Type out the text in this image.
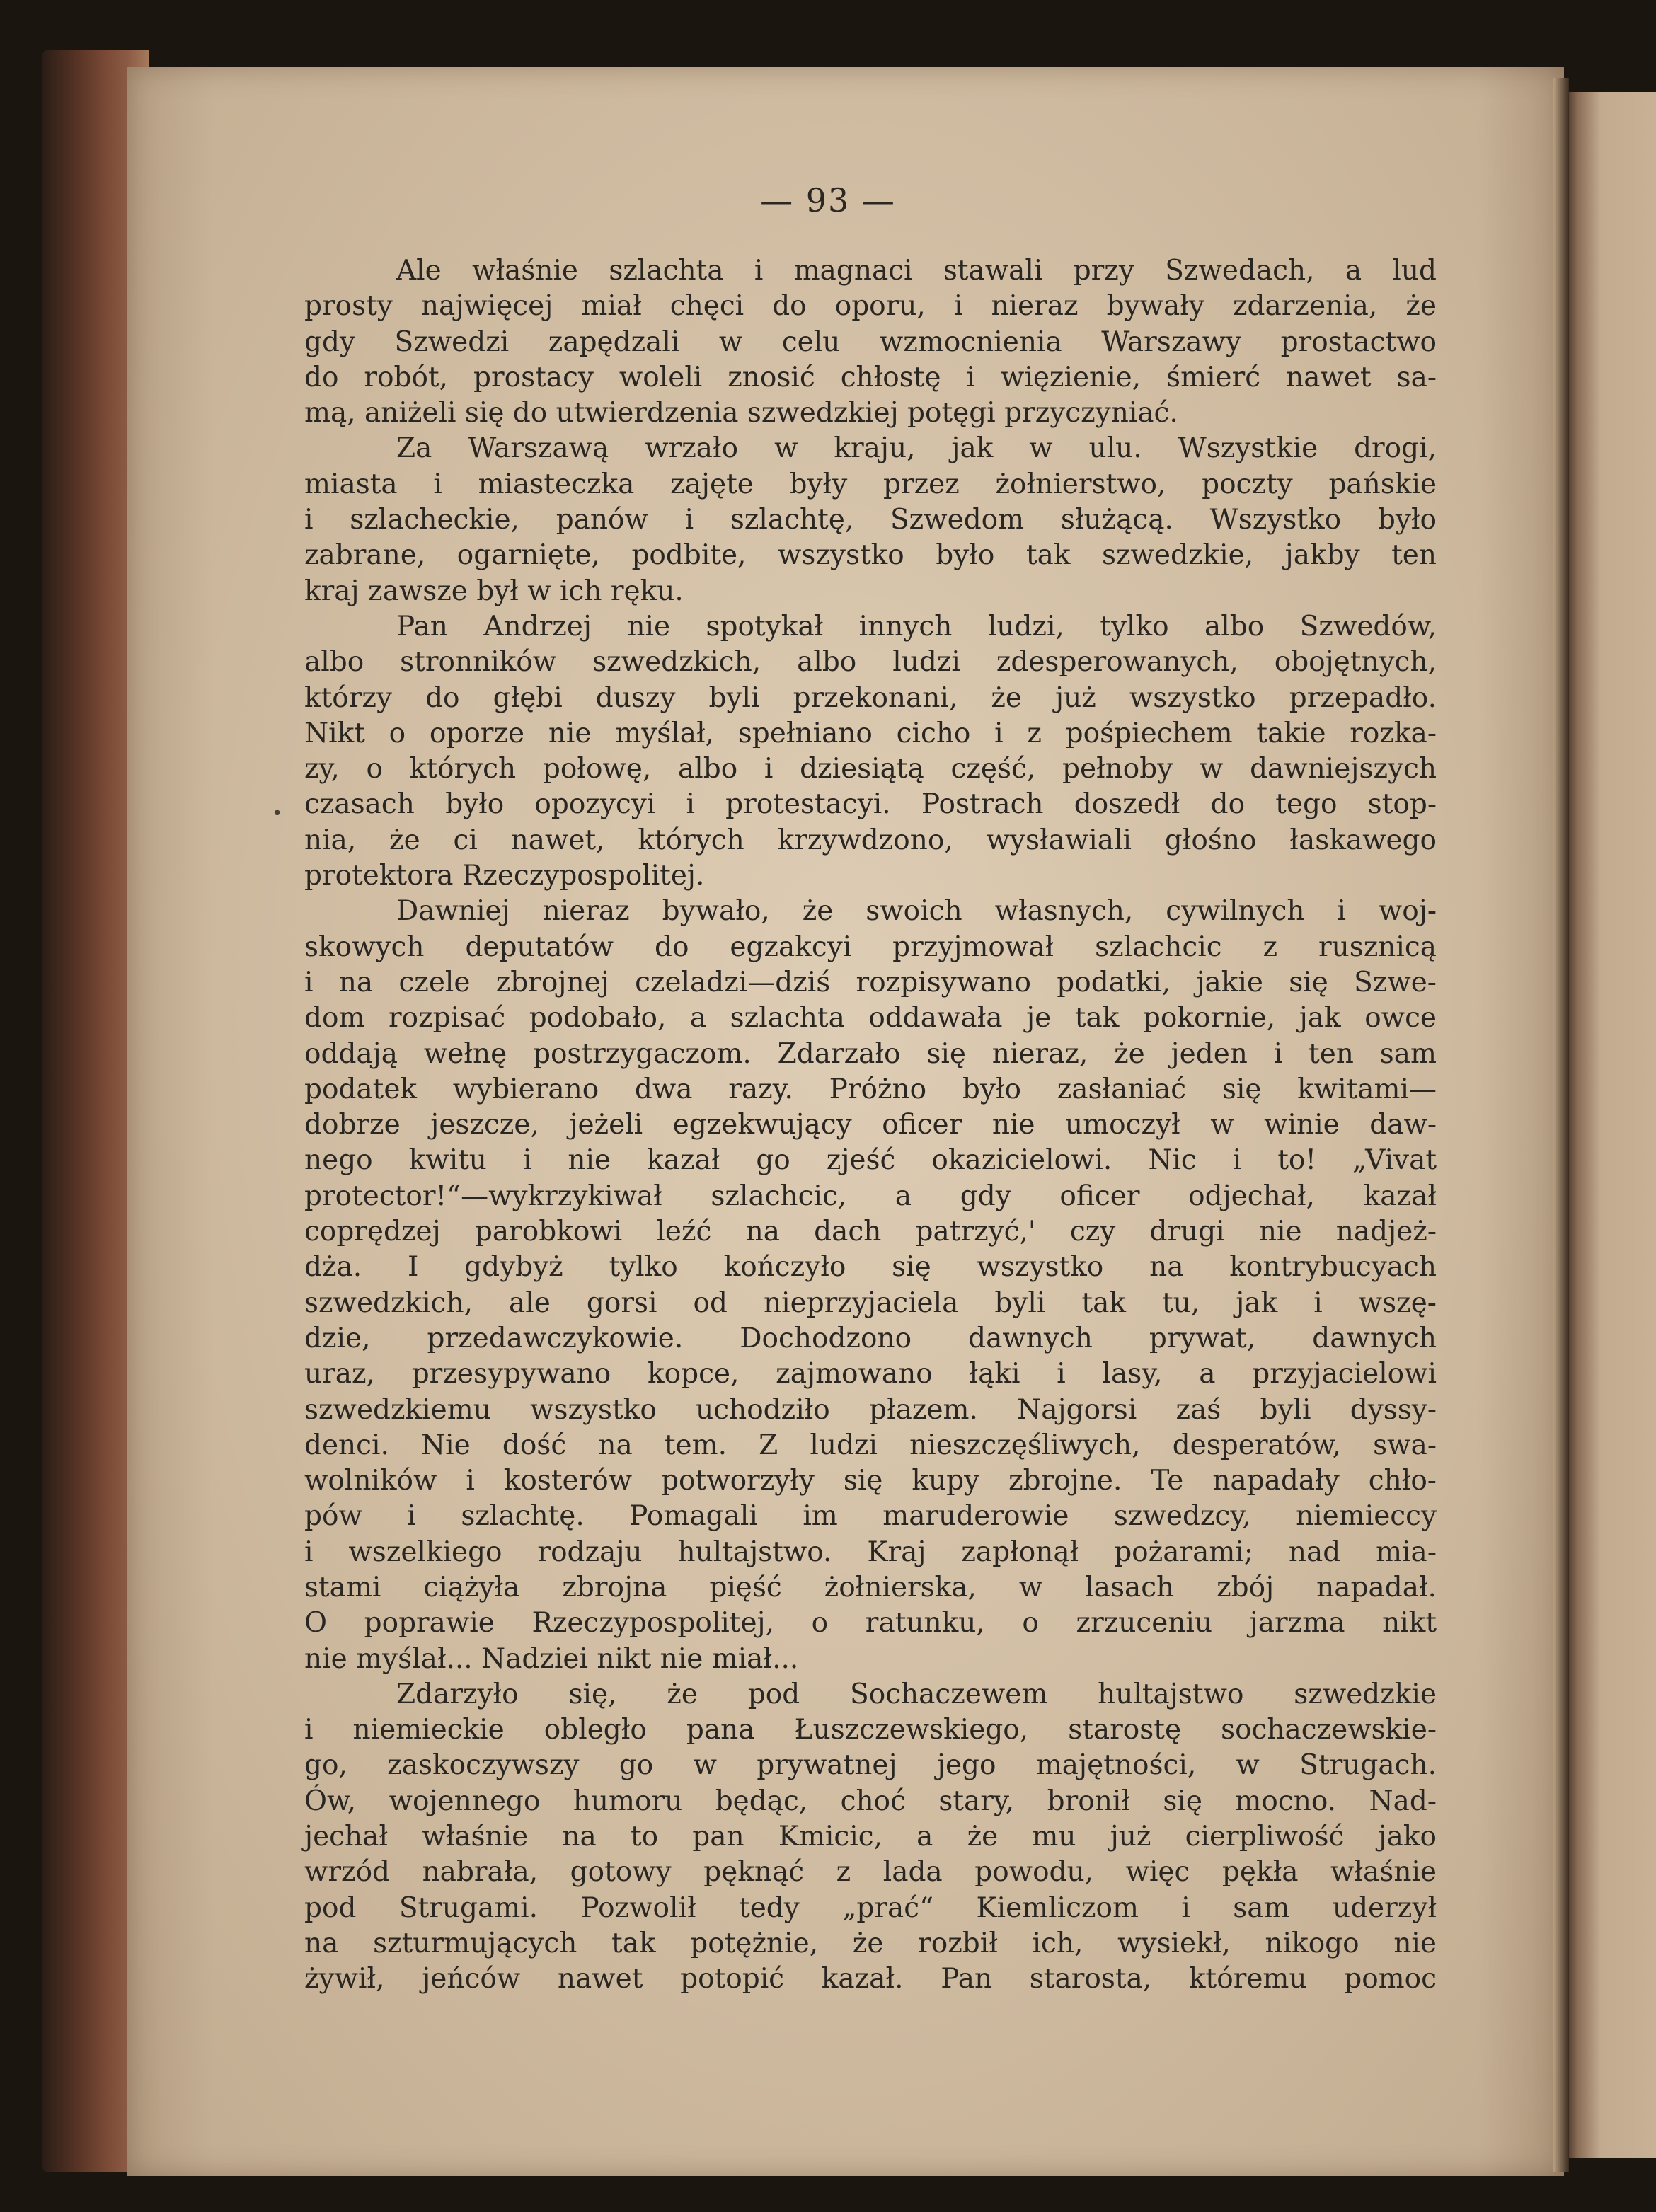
— 93 —
•
Ale właśnie szlachta i magnaci stawali przy Szwedach, a lud
prosty najwięcej miał chęci do oporu, i nieraz bywały zdarzenia, że
gdy Szwedzi zapędzali w celu wzmocnienia Warszawy prostactwo
do robót, prostacy woleli znosić chłostę i więzienie, śmierć nawet sa-
mą, aniżeli się do utwierdzenia szwedzkiej potęgi przyczyniać.
Za Warszawą wrzało w kraju, jak w ulu. Wszystkie drogi,
miasta i miasteczka zajęte były przez żołnierstwo, poczty pańskie
i szlacheckie, panów i szlachtę, Szwedom służącą. Wszystko było
zabrane, ogarnięte, podbite, wszystko było tak szwedzkie, jakby ten
kraj zawsze był w ich ręku.
Pan Andrzej nie spotykał innych ludzi, tylko albo Szwedów,
albo stronników szwedzkich, albo ludzi zdesperowanych, obojętnych,
którzy do głębi duszy byli przekonani, że już wszystko przepadło.
Nikt o oporze nie myślał, spełniano cicho i z pośpiechem takie rozka-
zy, o których połowę, albo i dziesiątą część, pełnoby w dawniejszych
czasach było opozycyi i protestacyi. Postrach doszedł do tego stop-
nia, że ci nawet, których krzywdzono, wysławiali głośno łaskawego
protektora Rzeczypospolitej.
Dawniej nieraz bywało, że swoich własnych, cywilnych i woj-
skowych deputatów do egzakcyi przyjmował szlachcic z rusznicą
i na czele zbrojnej czeladzi—dziś rozpisywano podatki, jakie się Szwe-
dom rozpisać podobało, a szlachta oddawała je tak pokornie, jak owce
oddają wełnę postrzygaczom. Zdarzało się nieraz, że jeden i ten sam
podatek wybierano dwa razy. Próżno było zasłaniać się kwitami—
dobrze jeszcze, jeżeli egzekwujący oficer nie umoczył w winie daw-
nego kwitu i nie kazał go zjeść okazicielowi. Nic i to! „Vivat
protector!“—wykrzykiwał szlachcic, a gdy oficer odjechał, kazał
coprędzej parobkowi leźć na dach patrzyć,' czy drugi nie nadjeż-
dża. I gdybyż tylko kończyło się wszystko na kontrybucyach
szwedzkich, ale gorsi od nieprzyjaciela byli tak tu, jak i wszę-
dzie, przedawczykowie. Dochodzono dawnych prywat, dawnych
uraz, przesypywano kopce, zajmowano łąki i lasy, a przyjacielowi
szwedzkiemu wszystko uchodziło płazem. Najgorsi zaś byli dyssy-
denci. Nie dość na tem. Z ludzi nieszczęśliwych, desperatów, swa-
wolników i kosterów potworzyły się kupy zbrojne. Te napadały chło-
pów i szlachtę. Pomagali im maruderowie szwedzcy, niemieccy
i wszelkiego rodzaju hultajstwo. Kraj zapłonął pożarami; nad mia-
stami ciążyła zbrojna pięść żołnierska, w lasach zbój napadał.
O poprawie Rzeczypospolitej, o ratunku, o zrzuceniu jarzma nikt
nie myślał... Nadziei nikt nie miał...
Zdarzyło się, że pod Sochaczewem hultajstwo szwedzkie
i niemieckie obległo pana Łuszczewskiego, starostę sochaczewskie-
go, zaskoczywszy go w prywatnej jego majętności, w Strugach.
Ów, wojennego humoru będąc, choć stary, bronił się mocno. Nad-
jechał właśnie na to pan Kmicic, a że mu już cierpliwość jako
wrzód nabrała, gotowy pęknąć z lada powodu, więc pękła właśnie
pod Strugami. Pozwolił tedy „prać“ Kiemliczom i sam uderzył
na szturmujących tak potężnie, że rozbił ich, wysiekł, nikogo nie
żywił, jeńców nawet potopić kazał. Pan starosta, któremu pomoc
